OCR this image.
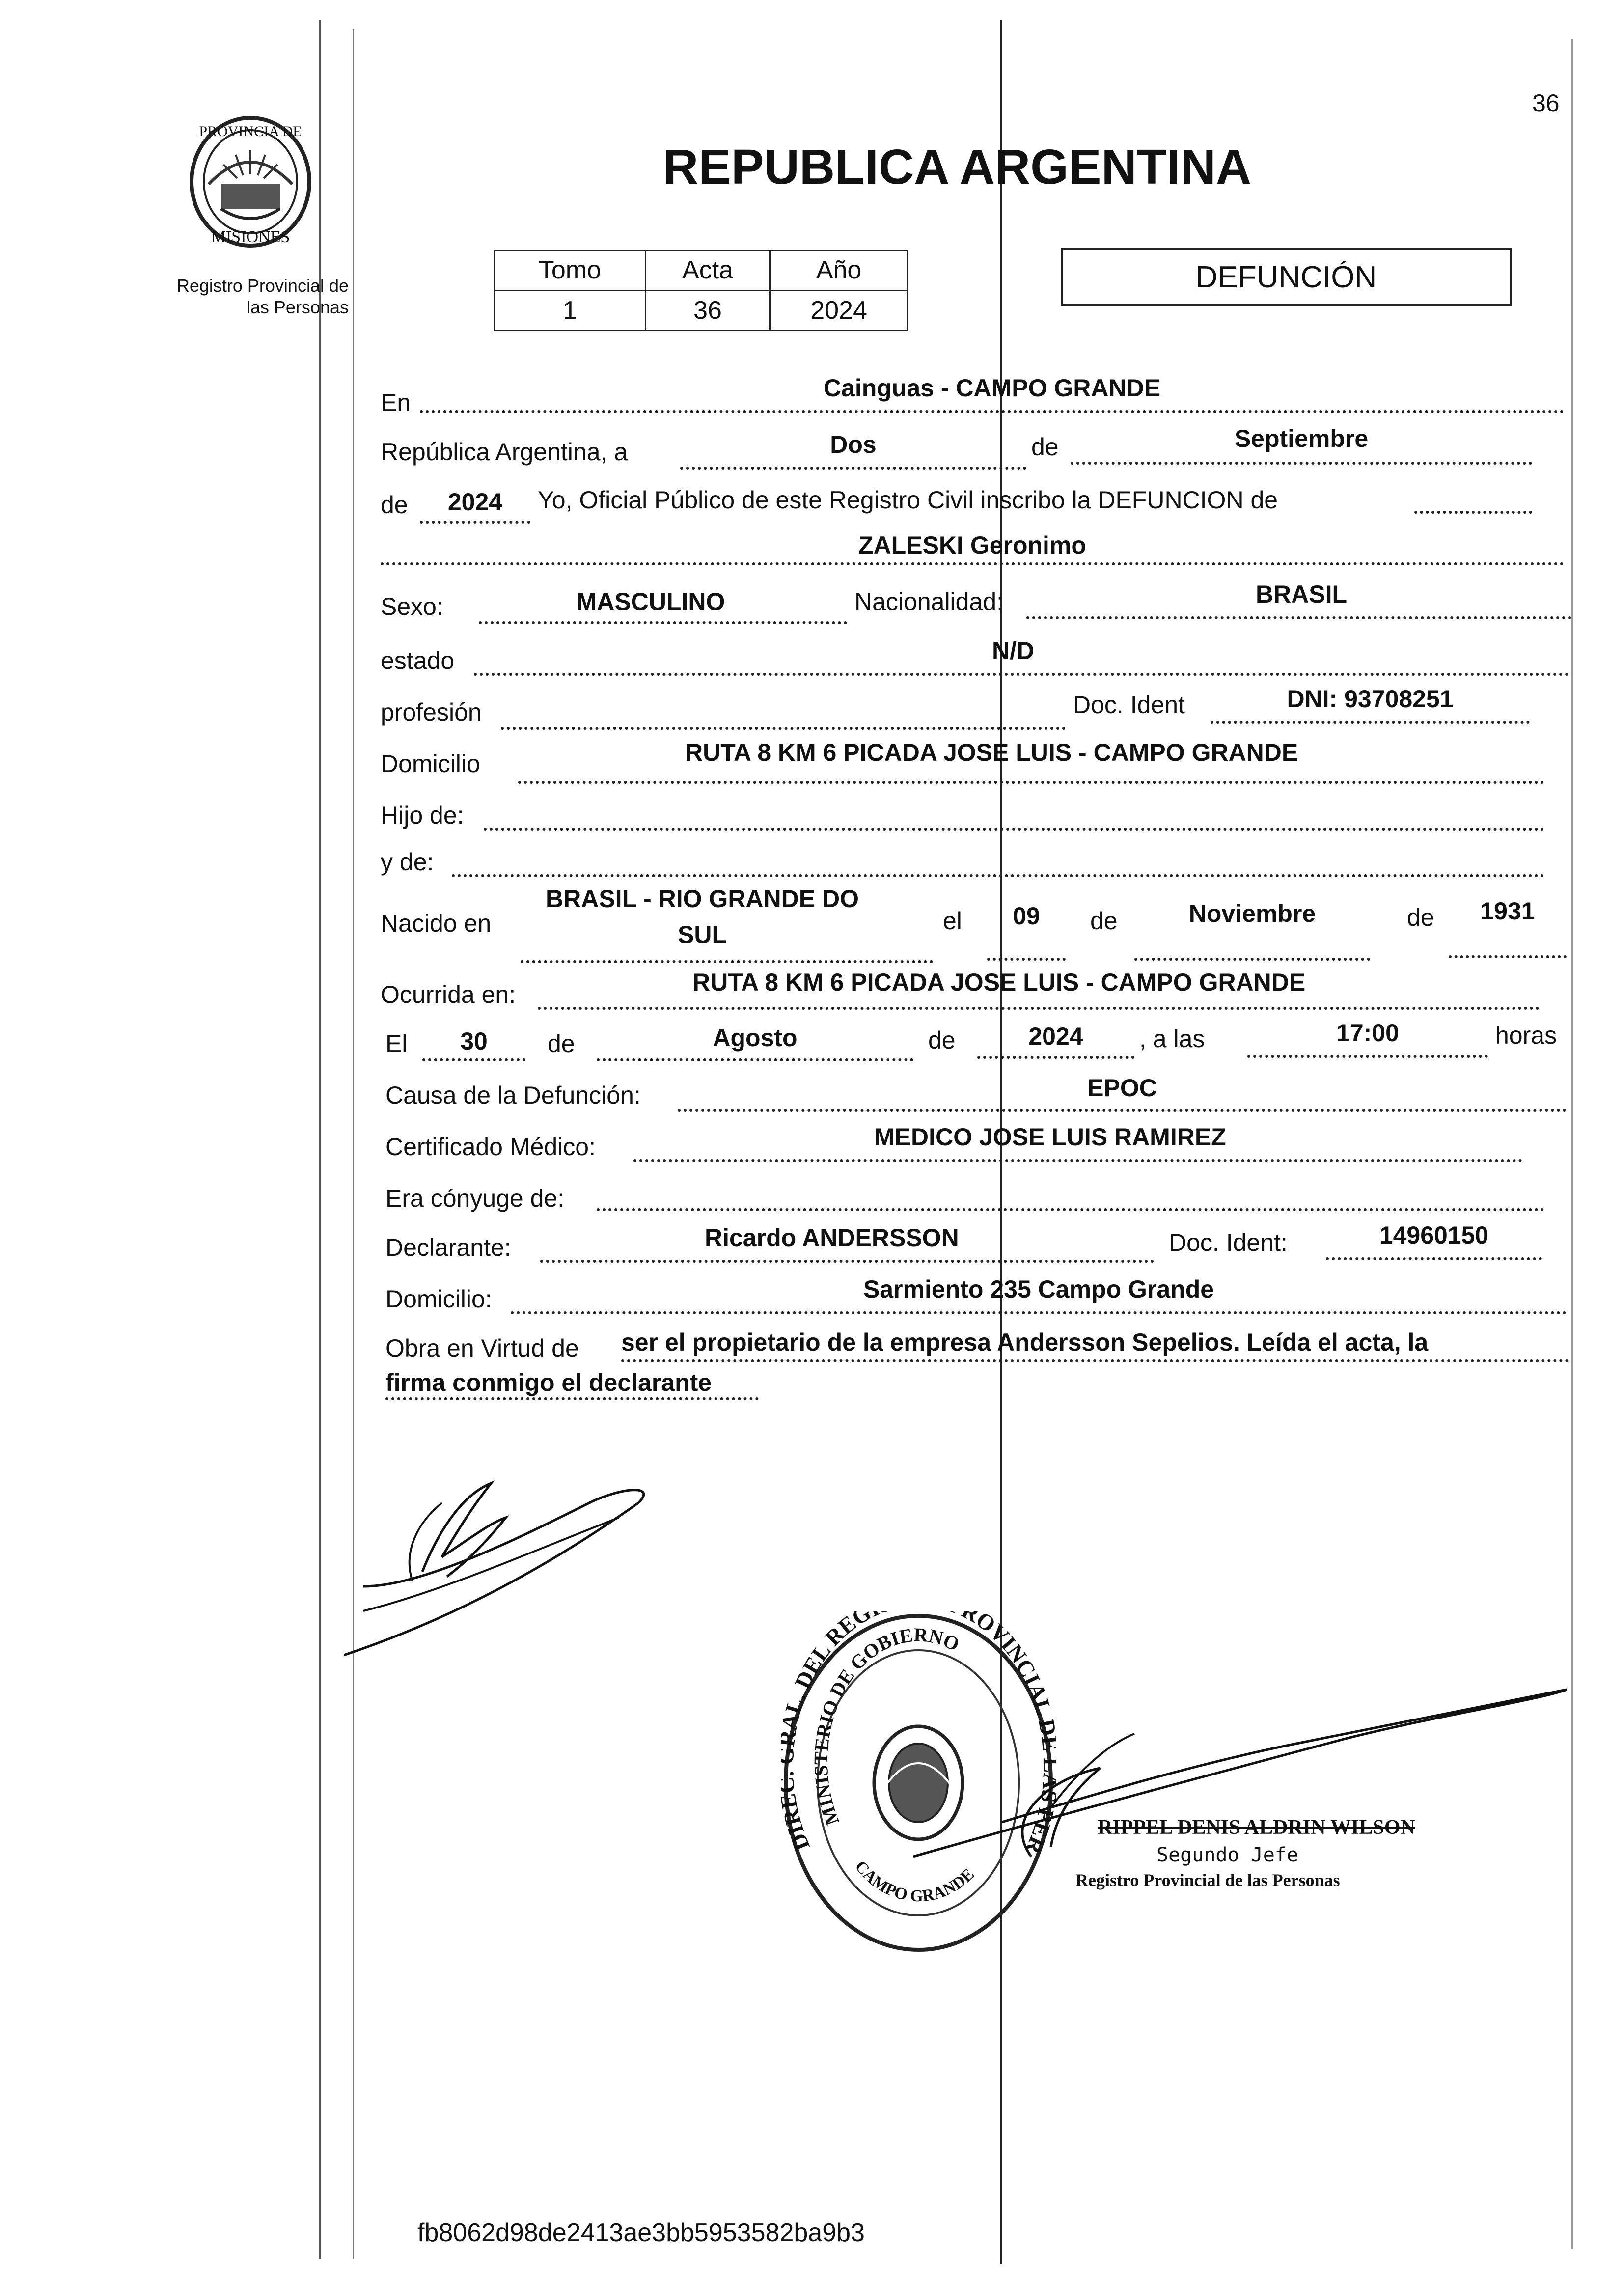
36
PROVINCIA DE
MISIONES
Registro Provincial de
las Personas
REPUBLICA ARGENTINA
Tomo	Acta	Año
1	36	2024
DEFUNCIÓN
En
Cainguas - CAMPO GRANDE
República Argentina, a	Dos	de	Septiembre
de	2024	Yo, Oficial Público de este Registro Civil inscribo la DEFUNCION de
ZALESKI Geronimo
Sexo:	MASCULINO	Nacionalidad:	BRASIL
estado	N/D
profesión	Doc. Ident	DNI: 93708251
Domicilio	RUTA 8 KM 6 PICADA JOSE LUIS - CAMPO GRANDE
Hijo de:
y de:
Nacido en
BRASIL - RIO GRANDE DO
SUL	el	09	de	Noviembre	de	1931
Ocurrida en:	RUTA 8 KM 6 PICADA JOSE LUIS - CAMPO GRANDE
El	30	de	Agosto	de	2024	, a las	17:00	horas
Causa de la Defunción:	EPOC
Certificado Médico:	MEDICO JOSE LUIS RAMIREZ
Era cónyuge de:
Declarante:	Ricardo ANDERSSON	Doc. Ident:	14960150
Domicilio:	Sarmiento 235 Campo Grande
Obra en Virtud de ser el propietario de la empresa Andersson Sepelios. Leída el acta, la
firma conmigo el declarante
DI L. DEL REG ROVINCIAL ER
MINISTERIO DE GOBIERNO
CAMPO GRANDE
RIPPEL DENIS ALDRIN WILSON
Segundo Jefe
Registro Provincial de las Personas
fb8062d98de2413ae3bb5953582ba9b3
